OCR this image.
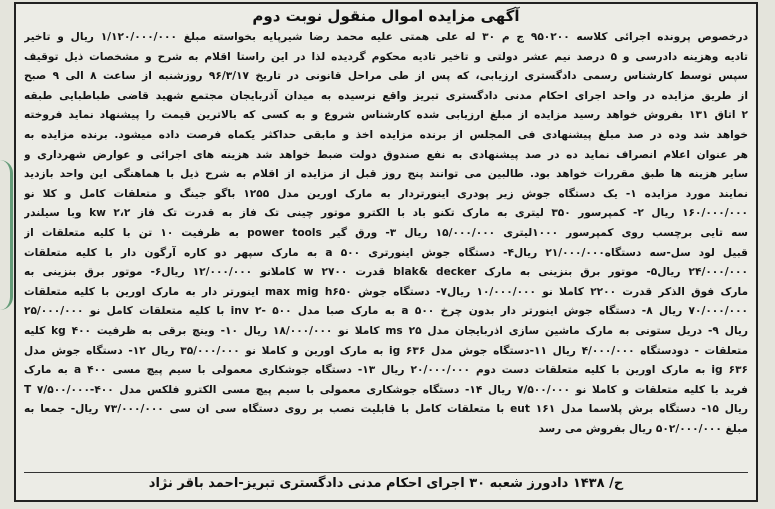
آگهی مزایده اموال منقول نوبت دوم
درخصوص پرونده اجرائی کلاسه ۹۵۰۲۰۰ ج م ۳۰ له علی همتی علیه محمد رضا شیرپایه بخواسته مبلغ ۱/۱۲۰/۰۰۰/۰۰۰ ریال و تاخیر
تادیه وهزینه دادرسی و ۵ درصد نیم عشر دولتی و تاخیر تادیه محکوم گردیده لذا در این راستا اقلام به شرح و مشخصات ذیل توقیف
سپس توسط کارشناس رسمی دادگستری ارزیابی، که پس از طی مراحل قانونی در تاریخ ۹۶/۳/۱۷ روزشنبه از ساعت ۸ الی ۹ صبح
از طریق مزایده در واحد اجرای احکام مدنی دادگستری تبریز واقع نرسیده به میدان آذربایجان مجتمع شهید قاضی طباطبایی طبقه
۲ اتاق ۱۳۱ بفروش خواهد رسید مزایده از مبلغ ارزیابی شده کارشناس شروع و به کسی که بالاترین قیمت را پیشنهاد نماید فروخته
خواهد شد وده در صد مبلغ پیشنهادی فی المجلس از برنده مزایده اخذ و مابقی حداکثر یکماه فرصت داده میشود. برنده مزایده به
هر عنوان اعلام انصراف نماید ده در صد پیشنهادی به نفع صندوق دولت ضبط خواهد شد هزینه های اجرائی و عوارض شهرداری و
سایر هزینه ها طبق مقررات خواهد بود. طالبین می توانند پنج روز قبل از مزایده از اقلام به شرح ذیل با هماهنگی این واحد بازدید
نمایند مورد مزایده ۱- یک دستگاه جوش زیر پودری اینورتردار به مارک اورین مدل ۱۲۵۵ باگو جینگ و متعلقات کامل و کلا نو
۱۶۰/۰۰۰/۰۰۰ ریال ۲- کمپرسور ۳۵۰ لیتری به مارک تکنو باد با الکترو موتور چینی تک فاز به قدرت تک فاز kw ۲،۲ وبا سیلندر
سه تایی برچسب روی کمپرسور ۱۰۰۰لیتری ۱۵/۰۰۰/۰۰۰ ریال ۳- ورق گیر power tools به ظرفیت ۱۰ تن با کلیه متعلقات از
قبیل لود سل-سه دستگاه۲۱/۰۰۰/۰۰۰ ریال۴- دستگاه جوش اینورتری ۵۰۰ a به مارک سپهر دو کاره آرگون دار با کلیه متعلقات
۲۴/۰۰۰/۰۰۰ ریال۵- موتور برق بنزینی به مارک blak& decker قدرت w ۲۷۰۰ کاملانو ۱۲/۰۰۰/۰۰۰ ریال۶- موتور برق بنزینی به
مارک فوق الذکر قدرت ۲۲۰۰ کاملا نو ۱۰/۰۰۰/۰۰۰ ریال۷- دستگاه جوش max mig h۶۵۰ اینورتر دار به مارک اورین با کلیه متعلقات
۷۰/۰۰۰/۰۰۰ ریال ۸- دستگاه جوش اینورتر دار بدون چرخ a ۵۰۰ به مارک صبا مدل ۵۰۰ -inv ۲ با کلیه متعلقات کامل نو ۲۵/۰۰۰/۰۰۰
ریال ۹- دریل ستونی به مارک ماشین سازی اذربایجان مدل ms ۲۵ کاملا نو ۱۸/۰۰۰/۰۰۰ ریال ۱۰- وینچ برقی به ظرفیت kg ۴۰۰ کلیه
متعلقات - دودستگاه ۴/۰۰۰/۰۰۰ ریال ۱۱-دستگاه جوش مدل ig ۶۳۶ به مارک اورین و کاملا نو ۳۵/۰۰۰/۰۰۰ ریال ۱۲- دستگاه جوش مدل
ig ۶۳۶ به مارک اورین با کلیه متعلقات دست دوم ۲۰/۰۰۰/۰۰۰ ریال ۱۳- دستگاه جوشکاری معمولی با سیم پیچ مسی a ۴۰۰ به مارک
فرید با کلیه متعلقات و کاملا نو ۷/۵۰۰/۰۰۰ ریال ۱۴- دستگاه جوشکاری معمولی با سیم پیچ مسی الکترو فلکس مدل ۴۰۰-T ۷/۵۰۰/۰۰۰
ریال ۱۵- دستگاه برش پلاسما مدل eut ۱۶۱ با متعلقات کامل با قابلیت نصب بر روی دستگاه سی ان سی ۷۳/۰۰۰/۰۰۰ ریال- جمعا به
مبلغ ۵۰۲/۰۰۰/۰۰۰ ریال بفروش می رسد
ح/ ۱۴۳۸ دادورز شعبه ۳۰ اجرای احکام مدنی دادگستری تبریز-احمد باقر نژاد
